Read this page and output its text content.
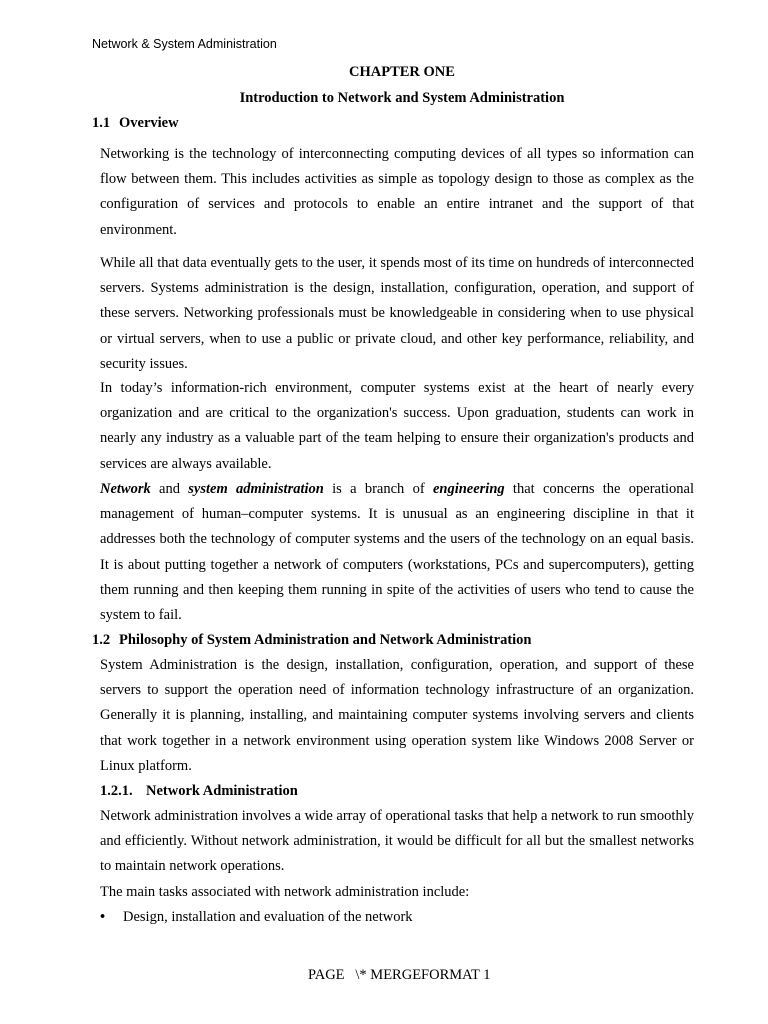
Network & System Administration
CHAPTER ONE
Introduction to Network and System Administration
1.1 Overview

Networking is the technology of interconnecting computing devices of all types so information can flow between them. This includes activities as simple as topology design to those as complex as the configuration of services and protocols to enable an entire intranet and the support of that environment.

While all that data eventually gets to the user, it spends most of its time on hundreds of interconnected servers. Systems administration is the design, installation, configuration, operation, and support of these servers. Networking professionals must be knowledgeable in considering when to use physical or virtual servers, when to use a public or private cloud, and other key performance, reliability, and security issues.

In today’s information-rich environment, computer systems exist at the heart of nearly every organization and are critical to the organization's success. Upon graduation, students can work in nearly any industry as a valuable part of the team helping to ensure their organization's products and services are always available.

Network and system administration is a branch of engineering that concerns the operational management of human–computer systems. It is unusual as an engineering discipline in that it addresses both the technology of computer systems and the users of the technology on an equal basis. It is about putting together a network of computers (workstations, PCs and supercomputers), getting them running and then keeping them running in spite of the activities of users who tend to cause the system to fail.

1.2 Philosophy of System Administration and Network Administration

System Administration is the design, installation, configuration, operation, and support of these servers to support the operation need of information technology infrastructure of an organization. Generally it is planning, installing, and maintaining computer systems involving servers and clients that work together in a network environment using operation system like Windows 2008 Server or Linux platform.

1.2.1. Network Administration

Network administration involves a wide array of operational tasks that help a network to run smoothly and efficiently. Without network administration, it would be difficult for all but the smallest networks to maintain network operations.

The main tasks associated with network administration include:

• Design, installation and evaluation of the network
PAGE   \* MERGEFORMAT 1
